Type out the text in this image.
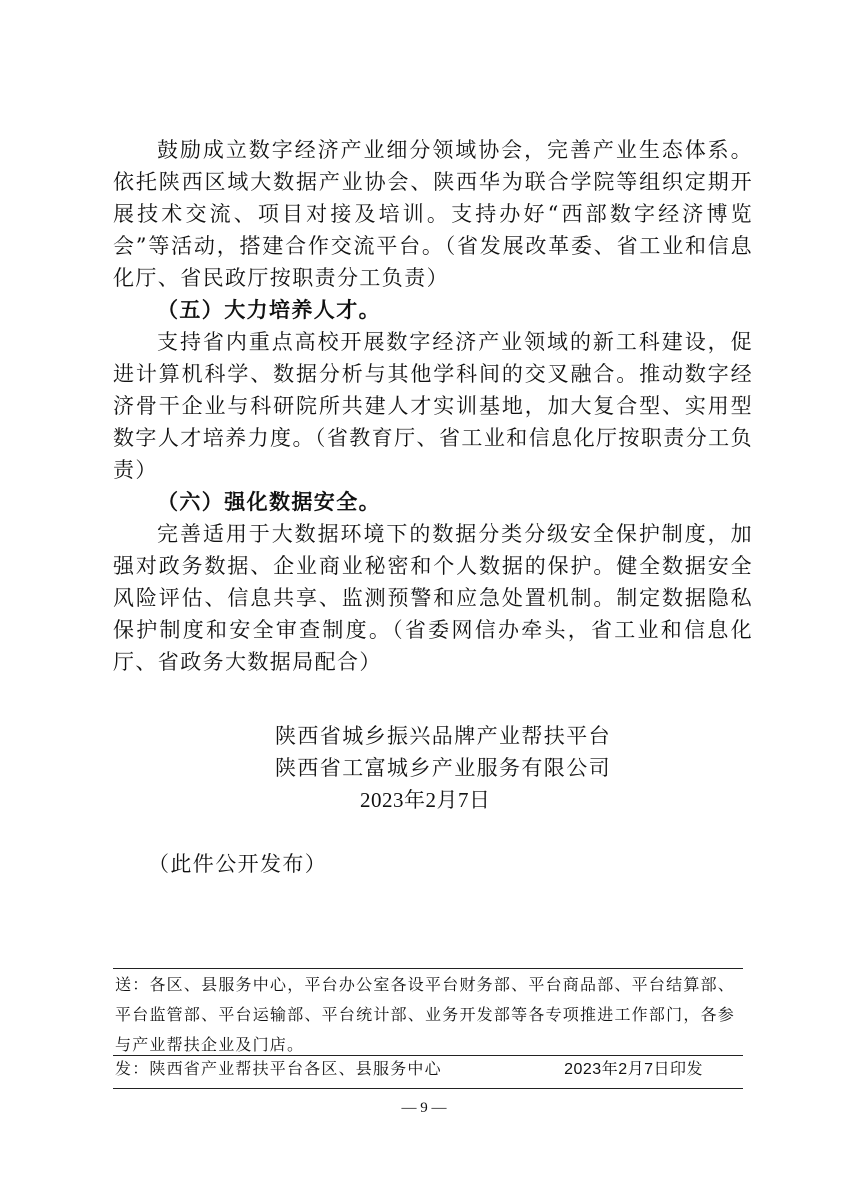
鼓励成立数字经济产业细分领域协会，完善产业生态体系。依托陕西区域大数据产业协会、陕西华为联合学院等组织定期开展技术交流、项目对接及培训。支持办好“西部数字经济博览会”等活动，搭建合作交流平台。（省发展改革委、省工业和信息化厅、省民政厅按职责分工负责）

（五）大力培养人才。

支持省内重点高校开展数字经济产业领域的新工科建设，促进计算机科学、数据分析与其他学科间的交叉融合。推动数字经济骨干企业与科研院所共建人才实训基地，加大复合型、实用型数字人才培养力度。（省教育厅、省工业和信息化厅按职责分工负责）

（六）强化数据安全。

完善适用于大数据环境下的数据分类分级安全保护制度，加强对政务数据、企业商业秘密和个人数据的保护。健全数据安全风险评估、信息共享、监测预警和应急处置机制。制定数据隐私保护制度和安全审查制度。（省委网信办牵头，省工业和信息化厅、省政务大数据局配合）

陕西省城乡振兴品牌产业帮扶平台
陕西省工富城乡产业服务有限公司
2023年2月7日

（此件公开发布）

送：各区、县服务中心，平台办公室各设平台财务部、平台商品部、平台结算部、平台监管部、平台运输部、平台统计部、业务开发部等各专项推进工作部门，各参与产业帮扶企业及门店。

发：陕西省产业帮扶平台各区、县服务中心	2023年2月7日印发

— 9 —
